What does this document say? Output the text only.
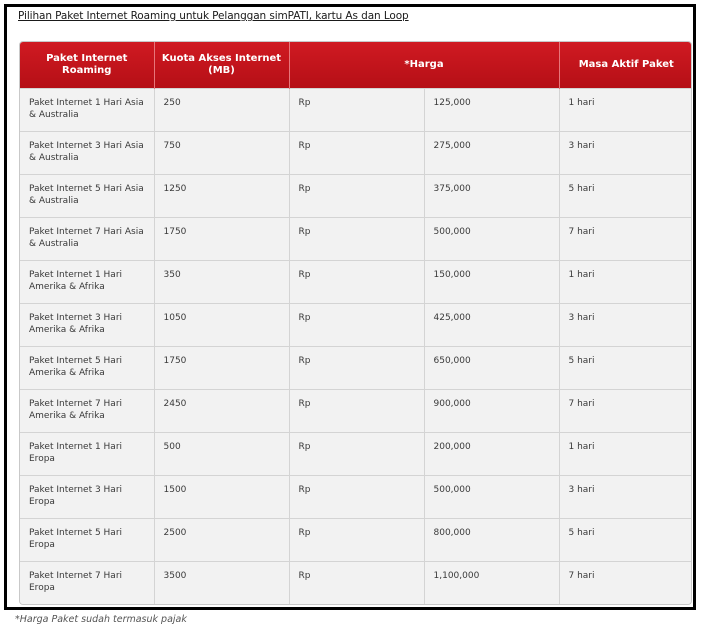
Pilihan Paket Internet Roaming untuk Pelanggan simPATI, kartu As dan Loop
Paket Internet Roaming	Kuota Akses Internet (MB)	*Harga		Masa Aktif Paket
Paket Internet 1 Hari Asia & Australia	250	Rp	125,000	1 hari
Paket Internet 3 Hari Asia & Australia	750	Rp	275,000	3 hari
Paket Internet 5 Hari Asia & Australia	1250	Rp	375,000	5 hari
Paket Internet 7 Hari Asia & Australia	1750	Rp	500,000	7 hari
Paket Internet 1 Hari Amerika & Afrika	350	Rp	150,000	1 hari
Paket Internet 3 Hari Amerika & Afrika	1050	Rp	425,000	3 hari
Paket Internet 5 Hari Amerika & Afrika	1750	Rp	650,000	5 hari
Paket Internet 7 Hari Amerika & Afrika	2450	Rp	900,000	7 hari
Paket Internet 1 Hari Eropa	500	Rp	200,000	1 hari
Paket Internet 3 Hari Eropa	1500	Rp	500,000	3 hari
Paket Internet 5 Hari Eropa	2500	Rp	800,000	5 hari
Paket Internet 7 Hari Eropa	3500	Rp	1,100,000	7 hari
*Harga Paket sudah termasuk pajak
